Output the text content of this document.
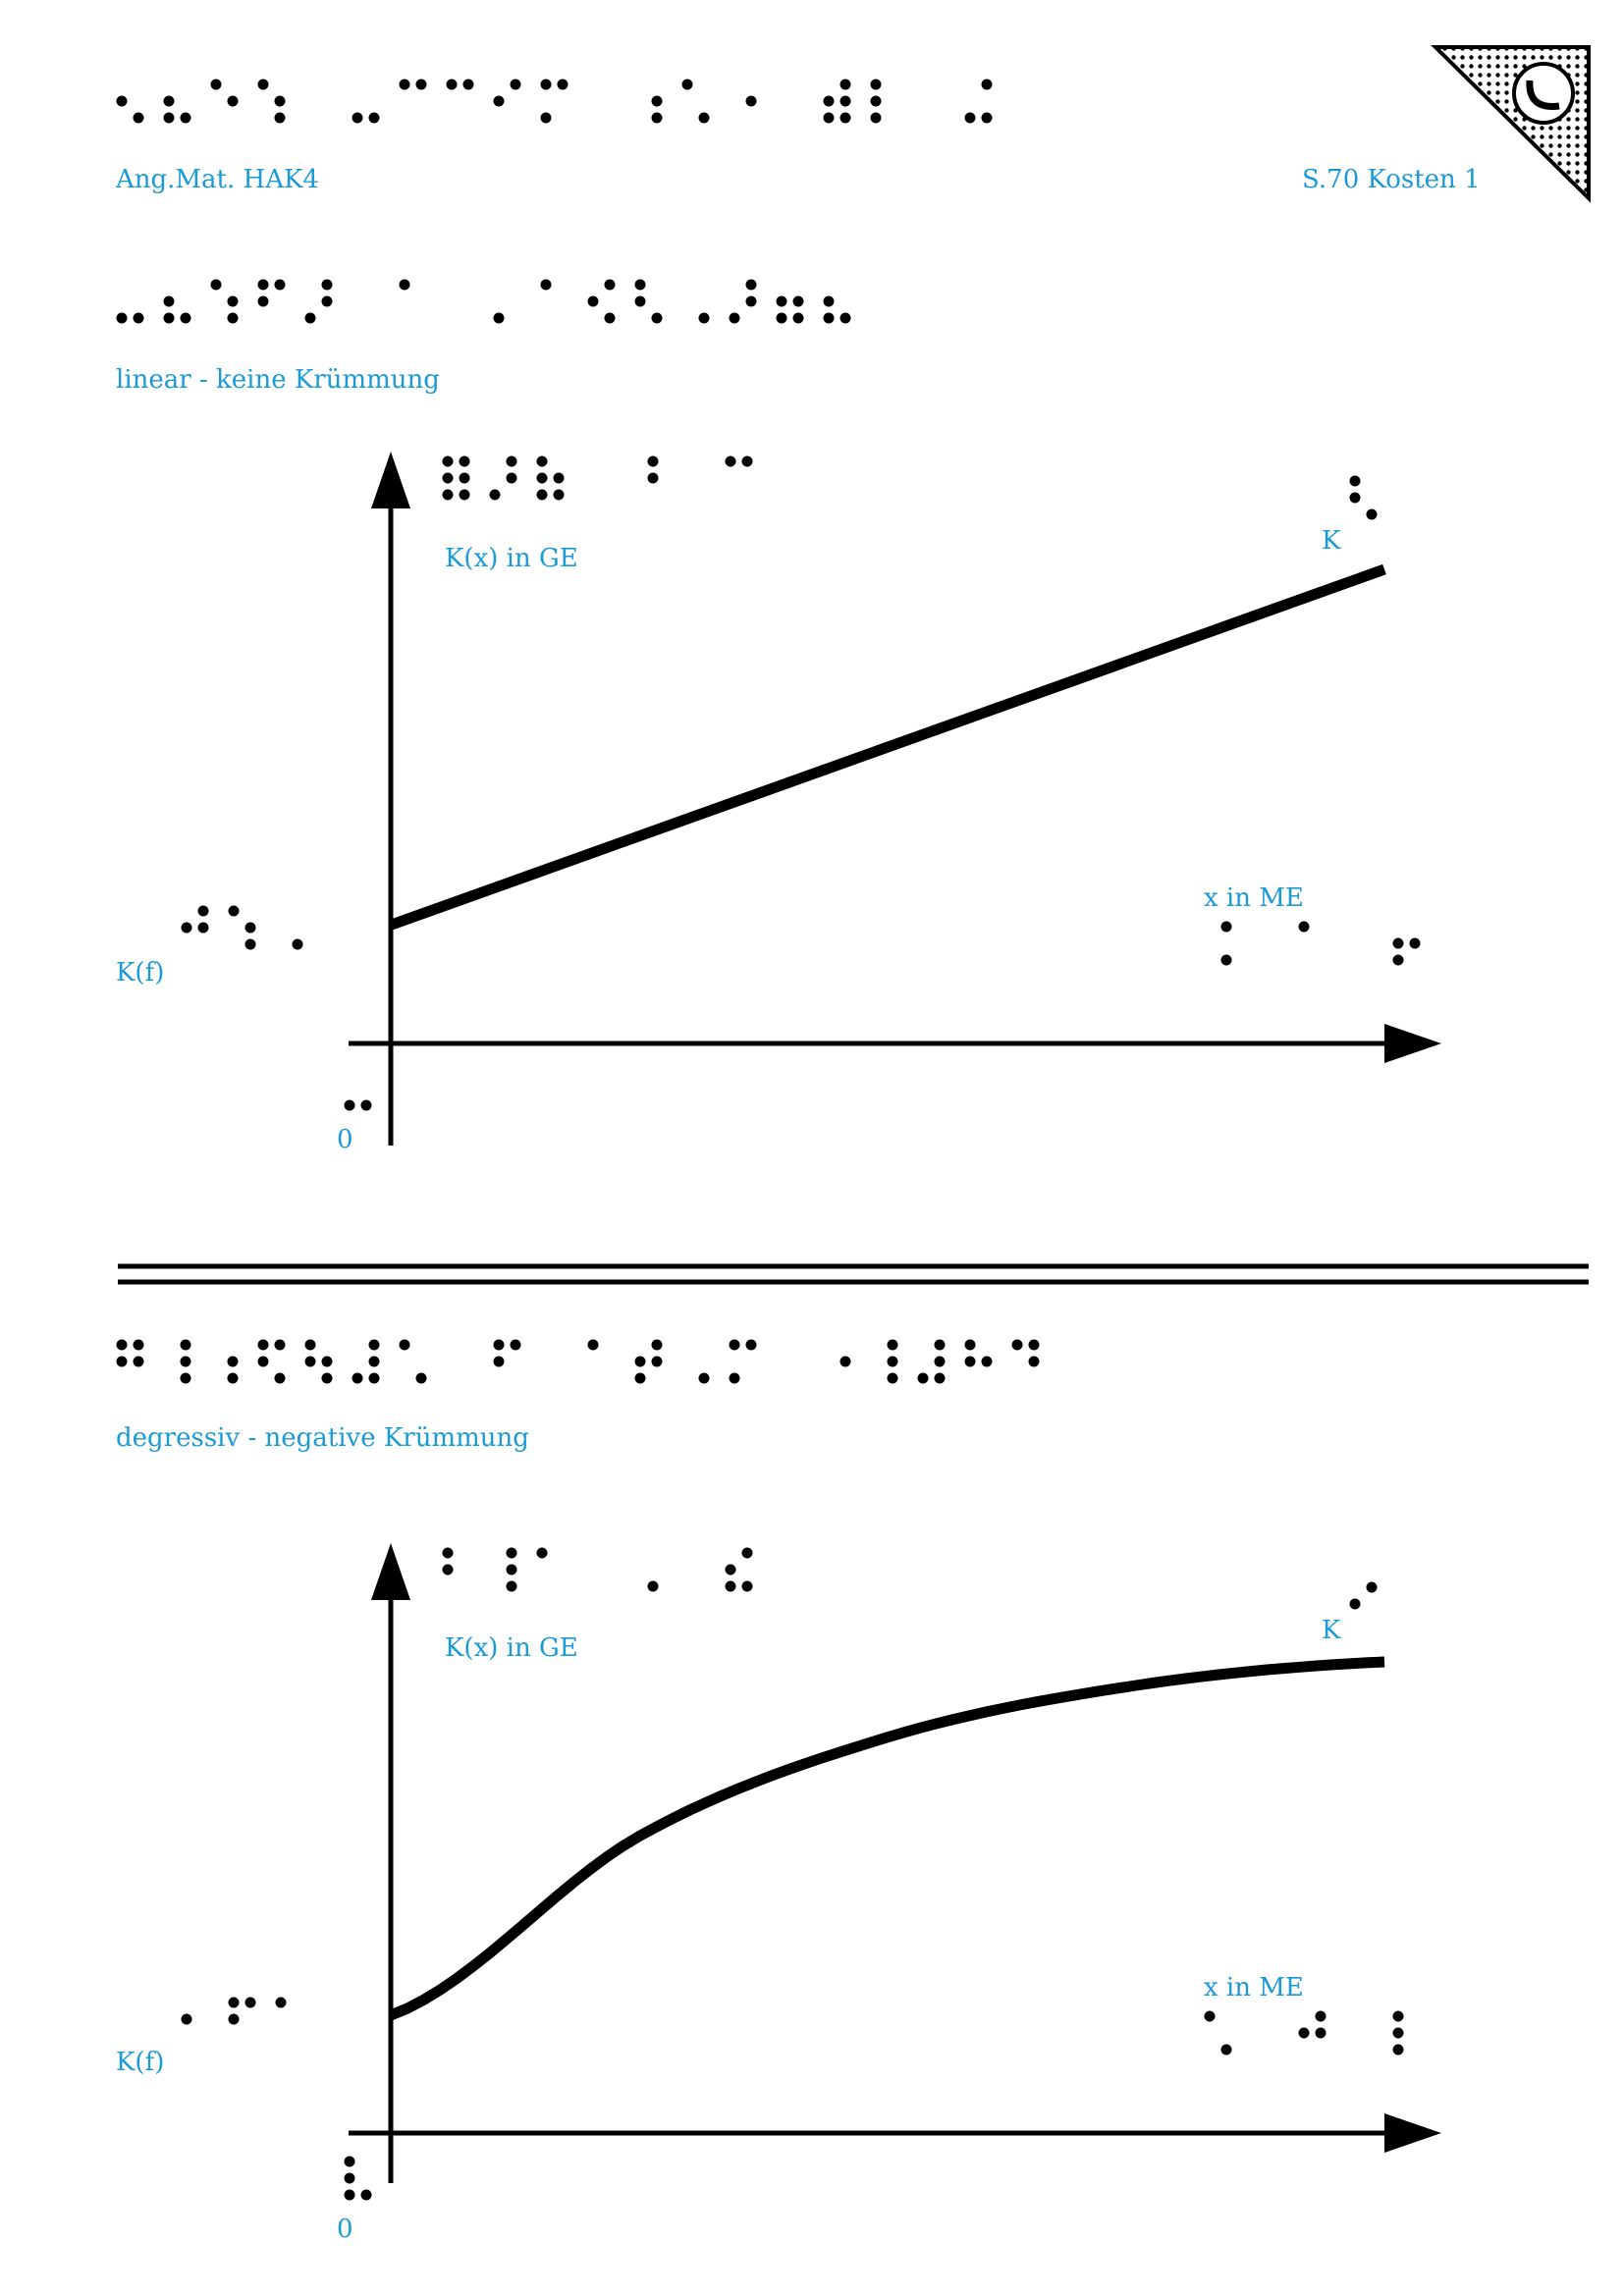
Ang.Mat. HAK4	S.70 Kosten 1
linear - keine Krümmung
K(x) in GE
K
x in ME
K(f)
0
degressiv - negative Krümmung
K(x) in GE
K
x in ME
K(f)
0
